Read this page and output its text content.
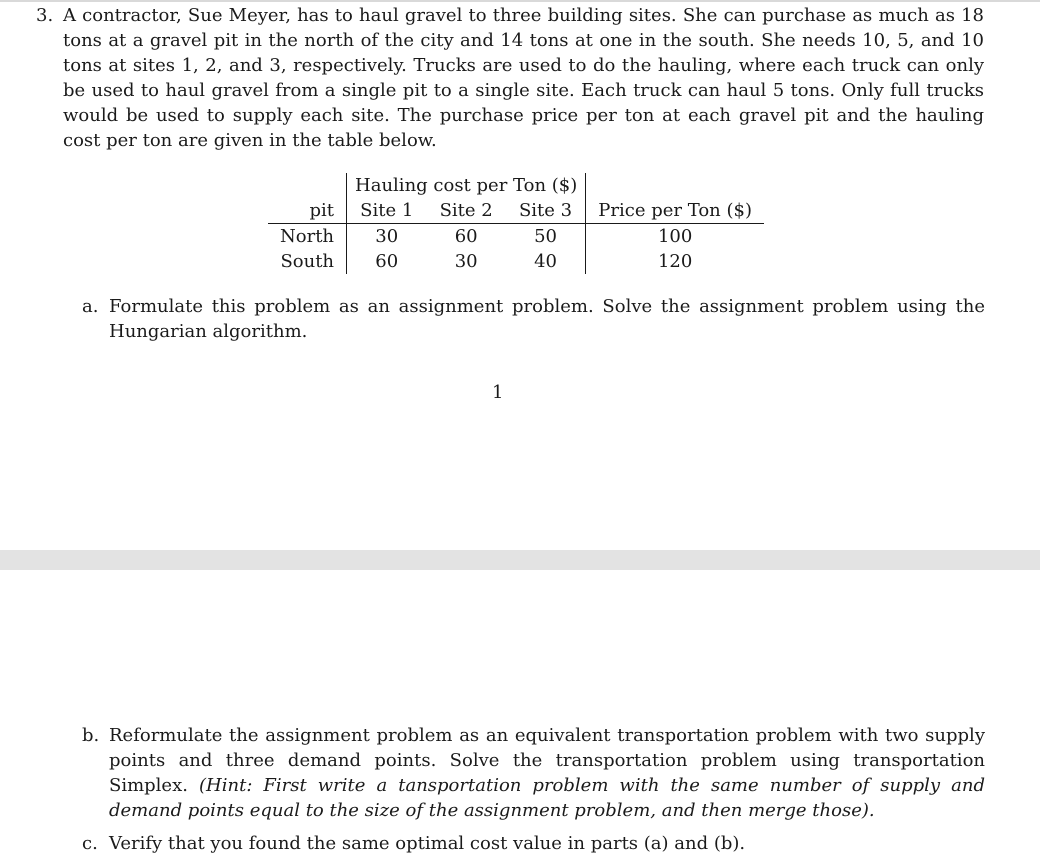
3. A contractor, Sue Meyer, has to haul gravel to three building sites. She can purchase as much as 18 tons at a gravel pit in the north of the city and 14 tons at one in the south. She needs 10, 5, and 10 tons at sites 1, 2, and 3, respectively. Trucks are used to do the hauling, where each truck can only be used to haul gravel from a single pit to a single site. Each truck can haul 5 tons. Only full trucks would be used to supply each site. The purchase price per ton at each gravel pit and the hauling cost per ton are given in the table below.
	Hauling cost per Ton ($)			
pit	Site 1	Site 2	Site 3	Price per Ton ($)
North	30	60	50	100
South	60	30	40	120
a. Formulate this problem as an assignment problem. Solve the assignment problem using the Hungarian algorithm.
1
b. Reformulate the assignment problem as an equivalent transportation problem with two supply points and three demand points. Solve the transportation problem using transportation Simplex. (Hint: First write a tansportation problem with the same number of supply and demand points equal to the size of the assignment problem, and then merge those).
c. Verify that you found the same optimal cost value in parts (a) and (b).
